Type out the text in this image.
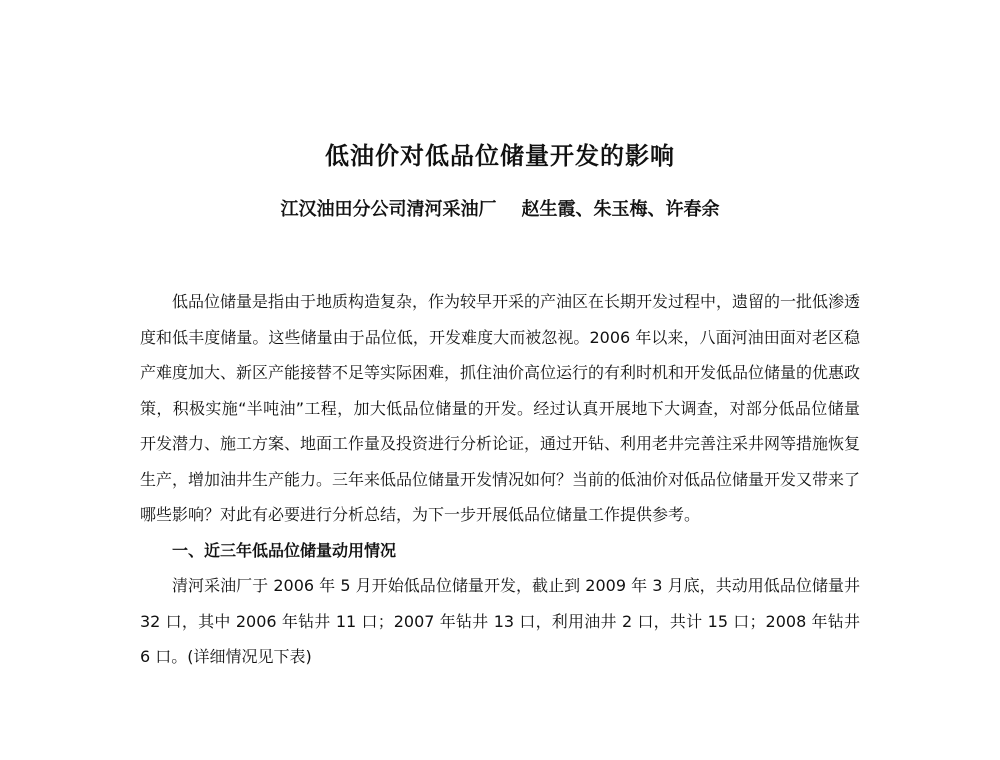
低油价对低品位储量开发的影响
江汉油田分公司清河采油厂    赵生霞、朱玉梅、许春余

低品位储量是指由于地质构造复杂，作为较早开采的产油区在长期开发过程中，遗留的一批低渗透度和低丰度储量。这些储量由于品位低，开发难度大而被忽视。2006 年以来，八面河油田面对老区稳产难度加大、新区产能接替不足等实际困难，抓住油价高位运行的有利时机和开发低品位储量的优惠政策，积极实施“半吨油”工程，加大低品位储量的开发。经过认真开展地下大调查，对部分低品位储量开发潜力、施工方案、地面工作量及投资进行分析论证，通过开钻、利用老井完善注采井网等措施恢复生产，增加油井生产能力。三年来低品位储量开发情况如何？当前的低油价对低品位储量开发又带来了哪些影响？对此有必要进行分析总结，为下一步开展低品位储量工作提供参考。

一、近三年低品位储量动用情况

清河采油厂于 2006 年 5 月开始低品位储量开发，截止到 2009 年 3 月底，共动用低品位储量井 32 口，其中 2006 年钻井 11 口；2007 年钻井 13 口，利用油井 2 口，共计 15 口；2008 年钻井 6 口。(详细情况见下表)
